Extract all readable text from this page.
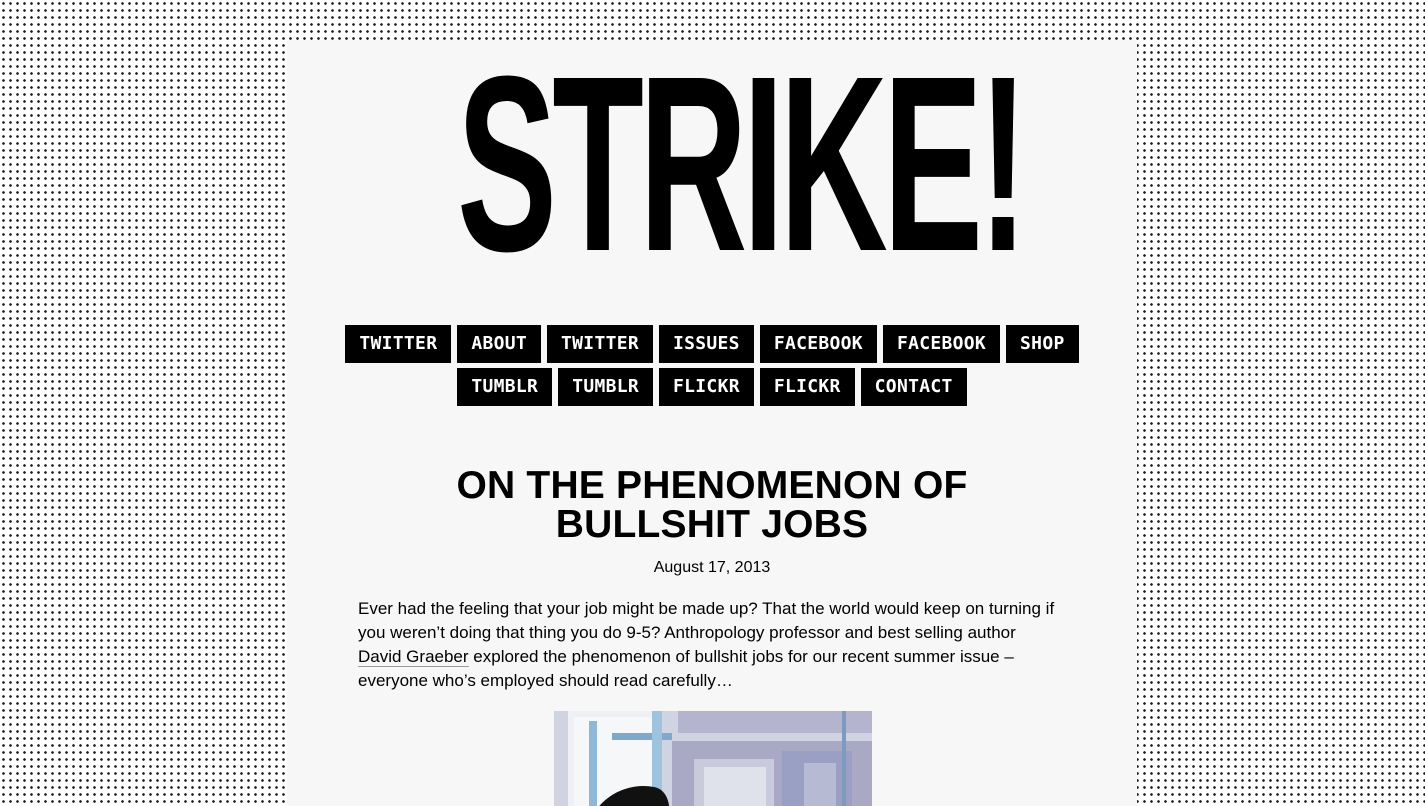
STRIKE!
TWITTER	ABOUT	TWITTER	ISSUES	FACEBOOK	FACEBOOK	SHOP
TUMBLR	TUMBLR	FLICKR	FLICKR	CONTACT
ON THE PHENOMENON OF BULLSHIT JOBS
August 17, 2013

Ever had the feeling that your job might be made up? That the world would keep on turning if you weren’t doing that thing you do 9-5? Anthropology professor and best selling author David Graeber explored the phenomenon of bullshit jobs for our recent summer issue – everyone who’s employed should read carefully…
